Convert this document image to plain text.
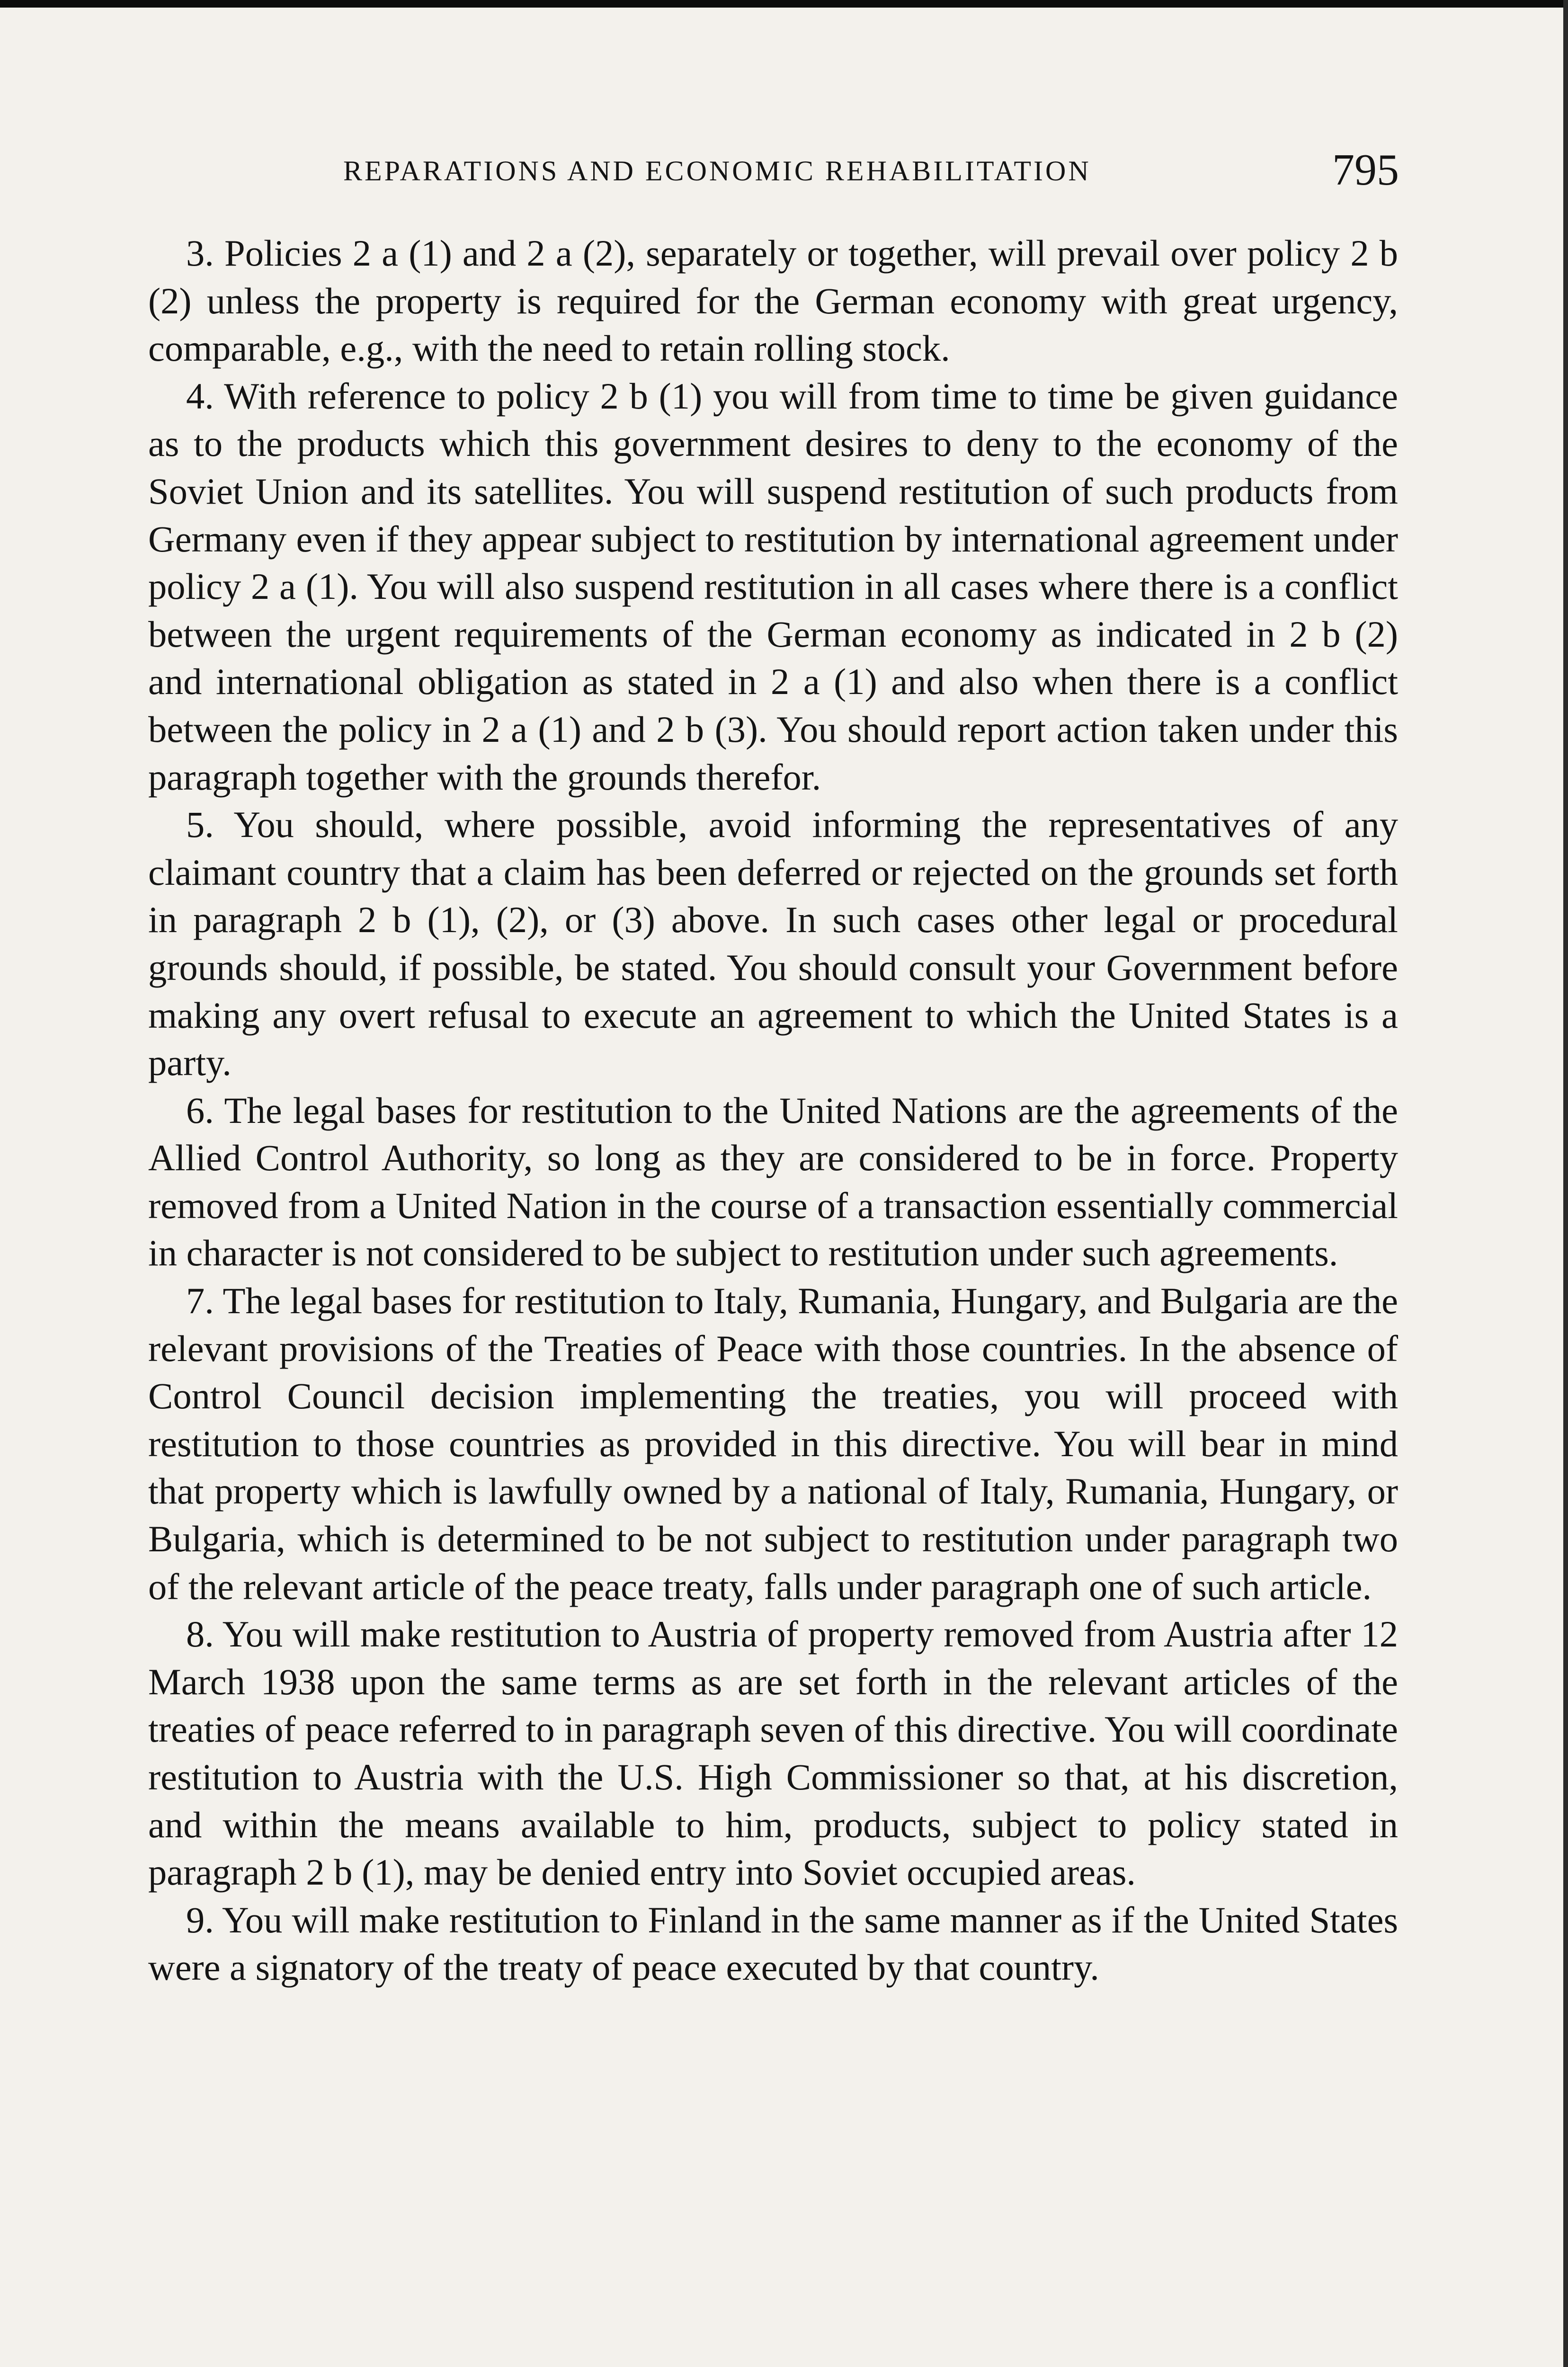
REPARATIONS AND ECONOMIC REHABILITATION	795

3. Policies 2 a (1) and 2 a (2), separately or together, will prevail over policy 2 b (2) unless the property is required for the German economy with great urgency, comparable, e.g., with the need to retain rolling stock.

4. With reference to policy 2 b (1) you will from time to time be given guidance as to the products which this government desires to deny to the economy of the Soviet Union and its satellites. You will suspend restitution of such products from Germany even if they appear subject to restitution by international agreement under policy 2 a (1). You will also suspend restitution in all cases where there is a conflict between the urgent requirements of the German economy as indicated in 2 b (2) and international obligation as stated in 2 a (1) and also when there is a conflict between the policy in 2 a (1) and 2 b (3). You should report action taken under this paragraph together with the grounds therefor.

5. You should, where possible, avoid informing the representatives of any claimant country that a claim has been deferred or rejected on the grounds set forth in paragraph 2 b (1), (2), or (3) above. In such cases other legal or procedural grounds should, if possible, be stated. You should consult your Government before making any overt refusal to execute an agreement to which the United States is a party.

6. The legal bases for restitution to the United Nations are the agreements of the Allied Control Authority, so long as they are considered to be in force. Property removed from a United Nation in the course of a transaction essentially commercial in character is not considered to be subject to restitution under such agreements.

7. The legal bases for restitution to Italy, Rumania, Hungary, and Bulgaria are the relevant provisions of the Treaties of Peace with those countries. In the absence of Control Council decision implementing the treaties, you will proceed with restitution to those countries as provided in this directive. You will bear in mind that property which is lawfully owned by a national of Italy, Rumania, Hungary, or Bulgaria, which is determined to be not subject to restitution under paragraph two of the relevant article of the peace treaty, falls under paragraph one of such article.

8. You will make restitution to Austria of property removed from Austria after 12 March 1938 upon the same terms as are set forth in the relevant articles of the treaties of peace referred to in paragraph seven of this directive. You will coordinate restitution to Austria with the U.S. High Commissioner so that, at his discretion, and within the means available to him, products, subject to policy stated in paragraph 2 b (1), may be denied entry into Soviet occupied areas.

9. You will make restitution to Finland in the same manner as if the United States were a signatory of the treaty of peace executed by that country.
